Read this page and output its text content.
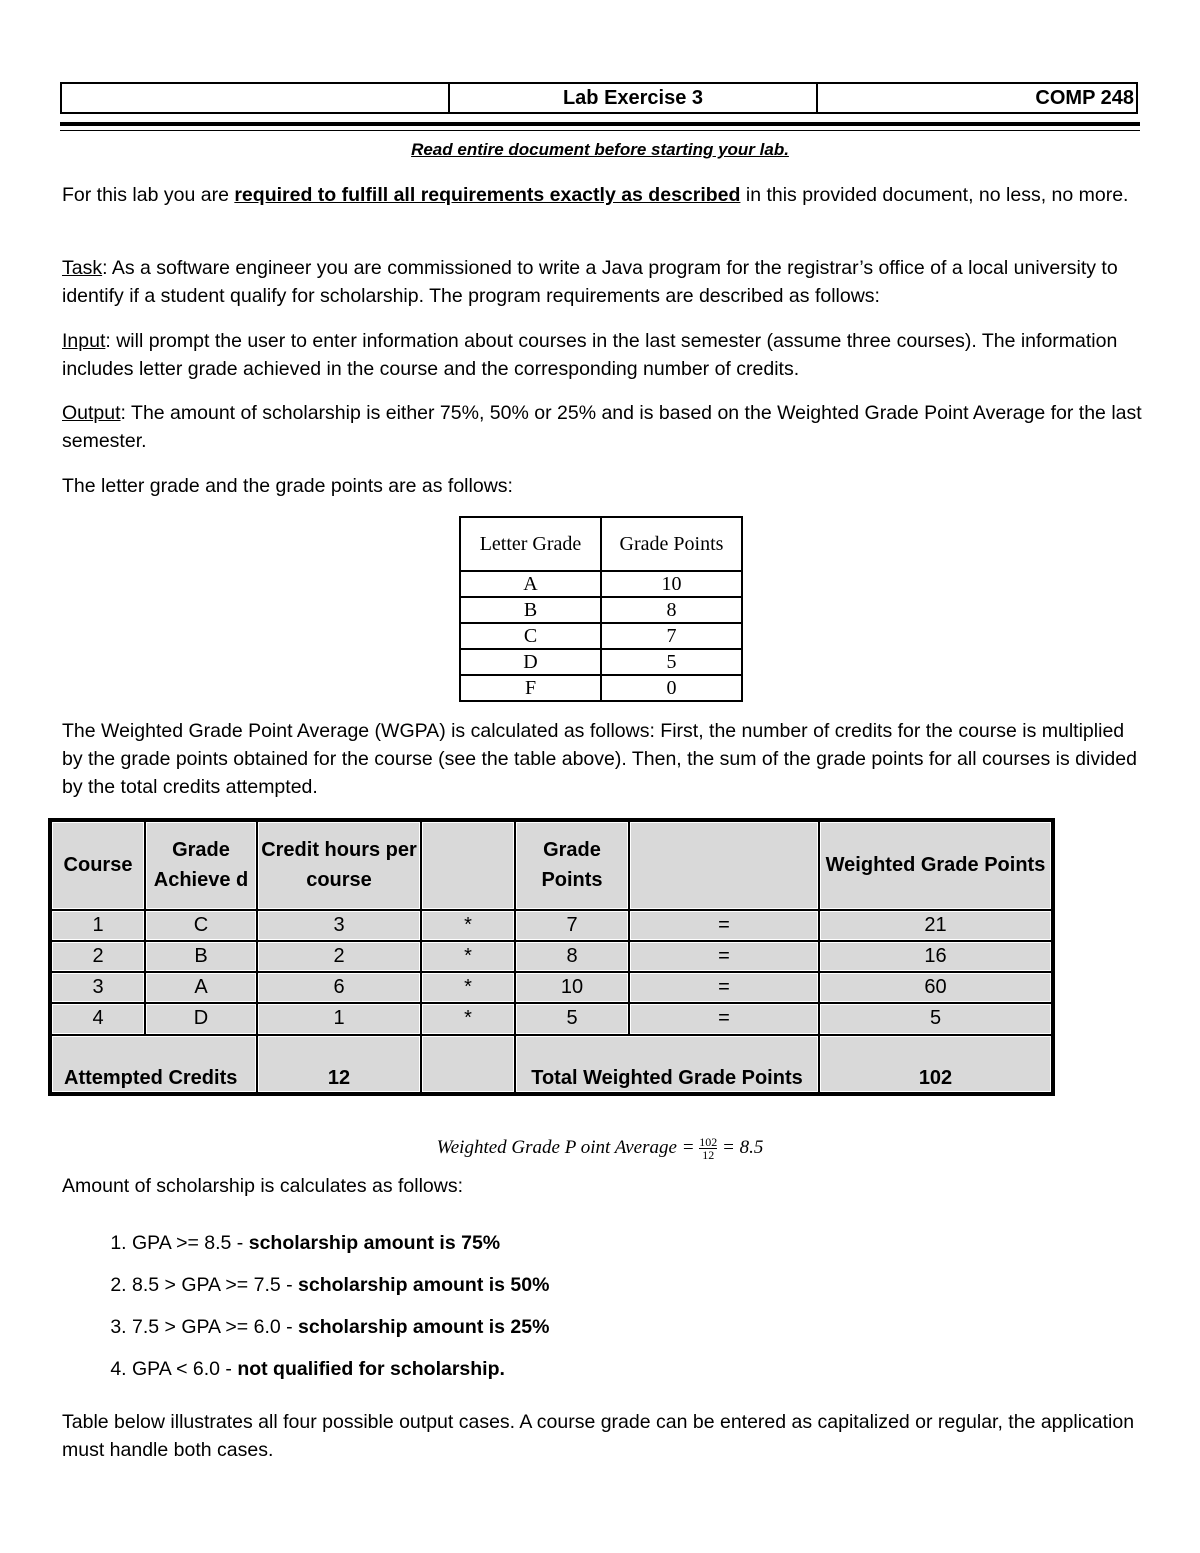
Lab Exercise 3	COMP 248
Read entire document before starting your lab.
For this lab you are required to fulfill all requirements exactly as described in this provided document, no less, no more.
Task: As a software engineer you are commissioned to write a Java program for the registrar’s office of a local university to identify if a student qualify for scholarship. The program requirements are described as follows:
Input: will prompt the user to enter information about courses in the last semester (assume three courses). The information includes letter grade achieved in the course and the corresponding number of credits.
Output: The amount of scholarship is either 75%, 50% or 25% and is based on the Weighted Grade Point Average for the last semester.
The letter grade and the grade points are as follows:
Letter Grade	Grade Points
A	10
B	8
C	7
D	5
F	0
The Weighted Grade Point Average (WGPA) is calculated as follows: First, the number of credits for the course is multiplied by the grade points obtained for the course (see the table above). Then, the sum of the grade points for all courses is divided by the total credits attempted.
Course	Grade Achieve d	Credit hours per course		Grade Points		Weighted Grade Points
1	C	3	*	7	=	21
2	B	2	*	8	=	16
3	A	6	*	10	=	60
4	D	1	*	5	=	5
Attempted Credits		12		Total Weighted Grade Points		102
Weighted Grade P oint Average = $\frac{102}{12} = 8.5$
Amount of scholarship is calculates as follows:
1. GPA >= 8.5 - scholarship amount is 75%
2. 8.5 > GPA >= 7.5 - scholarship amount is 50%
3. 7.5 > GPA >= 6.0 - scholarship amount is 25%
4. GPA < 6.0 - not qualified for scholarship.
Table below illustrates all four possible output cases. A course grade can be entered as capitalized or regular, the application must handle both cases.
